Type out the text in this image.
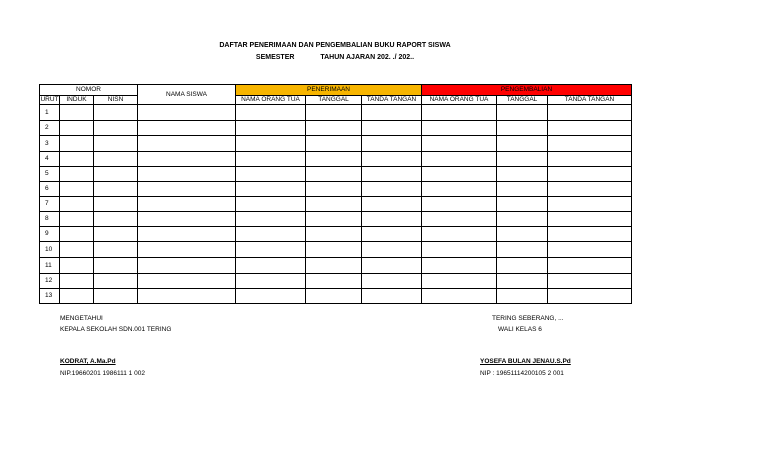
DAFTAR PENERIMAAN DAN PENGEMBALIAN BUKU RAPORT SISWA
SEMESTER	TAHUN AJARAN 202. ./ 202..
NOMOR			NAMA SISWA	PENERIMAAN			PENGEMBALIAN		
URUT	INDUK	NISN		NAMA ORANG TUA	TANGGAL	TANDA TANGAN	NAMA ORANG TUA	TANGGAL	TANDA TANGAN
1									
2									
3									
4									
5									
6									
7									
8									
9									
10									
11									
12									
13									
MENGETAHUI
KEPALA SEKOLAH SDN.001 TERING
KODRAT, A.Ma.Pd
NIP.19660201 1986111 1 002
TERING SEBERANG, ...
WALI KELAS 6
YOSEFA BULAN JENAU.S.Pd
NIP : 19651114200105 2 001
